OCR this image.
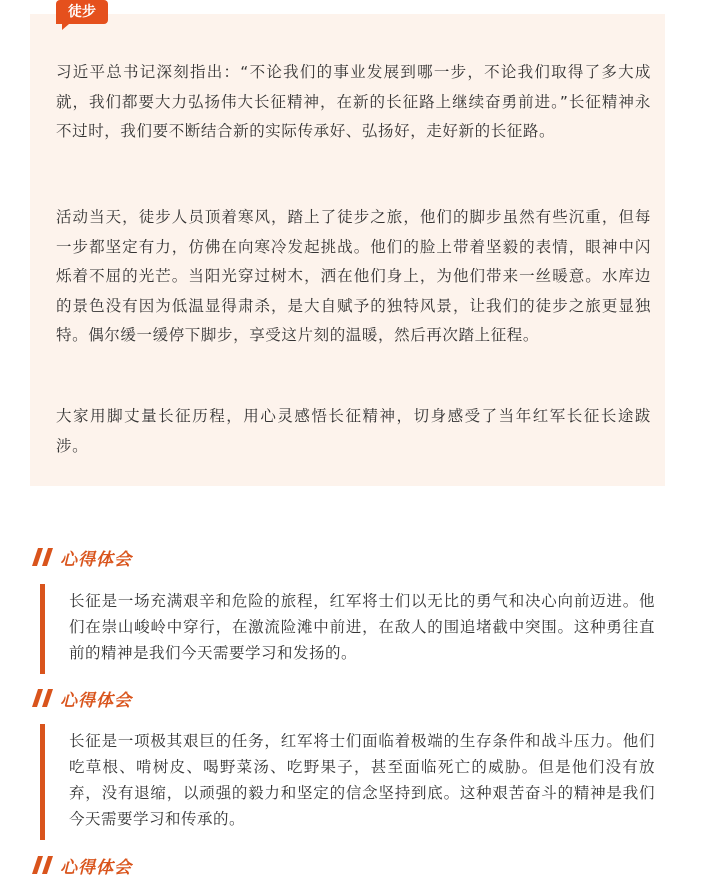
徒步

习近平总书记深刻指出：“不论我们的事业发展到哪一步，不论我们取得了多大成就，我们都要大力弘扬伟大长征精神，在新的长征路上继续奋勇前进。”长征精神永不过时，我们要不断结合新的实际传承好、弘扬好，走好新的长征路。

活动当天，徒步人员顶着寒风，踏上了徒步之旅，他们的脚步虽然有些沉重，但每一步都坚定有力，仿佛在向寒冷发起挑战。他们的脸上带着坚毅的表情，眼神中闪烁着不屈的光芒。当阳光穿过树木，洒在他们身上，为他们带来一丝暖意。水库边的景色没有因为低温显得肃杀，是大自赋予的独特风景，让我们的徒步之旅更显独特。偶尔缓一缓停下脚步，享受这片刻的温暖，然后再次踏上征程。

大家用脚丈量长征历程，用心灵感悟长征精神，切身感受了当年红军长征长途跋涉。

心得体会

长征是一场充满艰辛和危险的旅程，红军将士们以无比的勇气和决心向前迈进。他们在崇山峻岭中穿行，在激流险滩中前进，在敌人的围追堵截中突围。这种勇往直前的精神是我们今天需要学习和发扬的。

心得体会

长征是一项极其艰巨的任务，红军将士们面临着极端的生存条件和战斗压力。他们吃草根、啃树皮、喝野菜汤、吃野果子，甚至面临死亡的威胁。但是他们没有放弃，没有退缩，以顽强的毅力和坚定的信念坚持到底。这种艰苦奋斗的精神是我们今天需要学习和传承的。

心得体会
